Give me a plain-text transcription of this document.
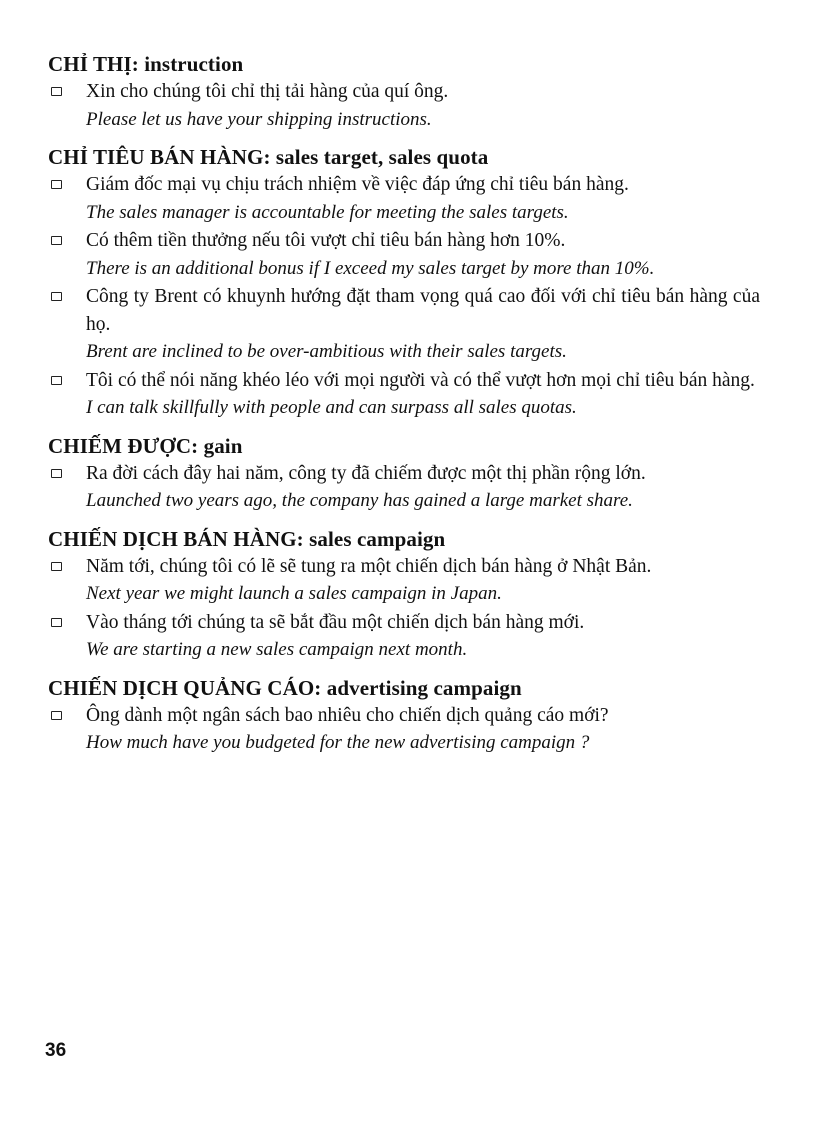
CHỈ THỊ: instruction

Xin cho chúng tôi chỉ thị tải hàng của quí ông.
Please let us have your shipping instructions.

CHỈ TIÊU BÁN HÀNG: sales target, sales quota

Giám đốc mại vụ chịu trách nhiệm về việc đáp ứng chỉ tiêu bán hàng.
The sales manager is accountable for meeting the sales targets.
Có thêm tiền thưởng nếu tôi vượt chỉ tiêu bán hàng hơn 10%.
There is an additional bonus if I exceed my sales target by more than 10%.
Công ty Brent có khuynh hướng đặt tham vọng quá cao đối với chỉ tiêu bán hàng của họ.
Brent are inclined to be over-ambitious with their sales targets.
Tôi có thể nói năng khéo léo với mọi người và có thể vượt hơn mọi chỉ tiêu bán hàng.
I can talk skillfully with people and can surpass all sales quotas.

CHIẾM ĐƯỢC: gain

Ra đời cách đây hai năm, công ty đã chiếm được một thị phần rộng lớn.
Launched two years ago, the company has gained a large market share.

CHIẾN DỊCH BÁN HÀNG: sales campaign

Năm tới, chúng tôi có lẽ sẽ tung ra một chiến dịch bán hàng ở Nhật Bản.
Next year we might launch a sales campaign in Japan.
Vào tháng tới chúng ta sẽ bắt đầu một chiến dịch bán hàng mới.
We are starting a new sales campaign next month.

CHIẾN DỊCH QUẢNG CÁO: advertising campaign

Ông dành một ngân sách bao nhiêu cho chiến dịch quảng cáo mới?
How much have you budgeted for the new advertising campaign ?
36
